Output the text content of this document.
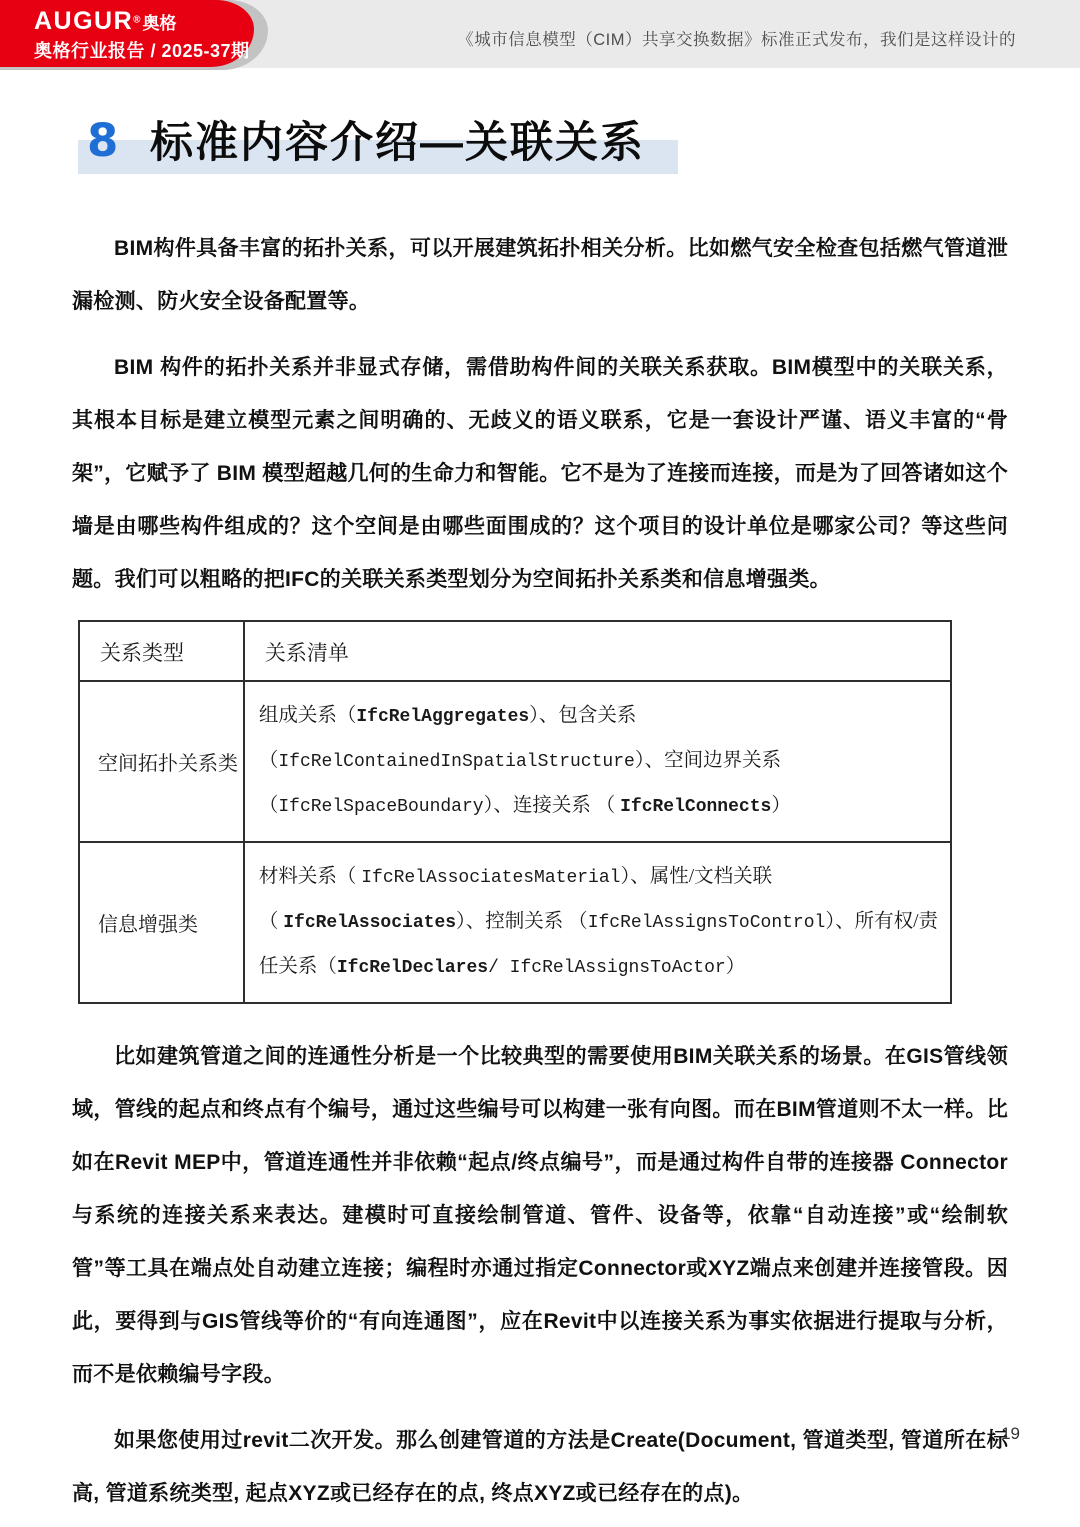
《城市信息模型（CIM）共享交换数据》标准正式发布，我们是这样设计的
AUGUR® 奥格
奥格行业报告 / 2025-37期
8 标准内容介绍—关联关系

BIM构件具备丰富的拓扑关系，可以开展建筑拓扑相关分析。比如燃气安全检查包括燃气管道泄漏检测、防火安全设备配置等。

BIM 构件的拓扑关系并非显式存储，需借助构件间的关联关系获取。BIM模型中的关联关系，其根本目标是建立模型元素之间明确的、无歧义的语义联系，它是一套设计严谨、语义丰富的“骨架”，它赋予了 BIM 模型超越几何的生命力和智能。它不是为了连接而连接，而是为了回答诸如这个墙是由哪些构件组成的？这个空间是由哪些面围成的？这个项目的设计单位是哪家公司？等这些问题。我们可以粗略的把IFC的关联关系类型划分为空间拓扑关系类和信息增强类。

关系类型	关系清单
空间拓扑关系类	组成关系（IfcRelAggregates）、包含关系
（IfcRelContainedInSpatialStructure）、空间边界关系
（IfcRelSpaceBoundary）、连接关系 （ IfcRelConnects）

信息增强类	材料关系（ IfcRelAssociatesMaterial）、属性/文档关联
（ IfcRelAssociates）、控制关系 （IfcRelAssignsToControl）、所有权/责
任关系（IfcRelDeclares/ IfcRelAssignsToActor）

比如建筑管道之间的连通性分析是一个比较典型的需要使用BIM关联关系的场景。在GIS管线领域，管线的起点和终点有个编号，通过这些编号可以构建一张有向图。而在BIM管道则不太一样。比如在Revit MEP中，管道连通性并非依赖“起点/终点编号”，而是通过构件自带的连接器 Connector与系统的连接关系来表达。建模时可直接绘制管道、管件、设备等，依靠“自动连接”或“绘制软管”等工具在端点处自动建立连接；编程时亦通过指定Connector或XYZ端点来创建并连接管段。因此，要得到与GIS管线等价的“有向连通图”，应在Revit中以连接关系为事实依据进行提取与分析，而不是依赖编号字段。

如果您使用过revit二次开发。那么创建管道的方法是Create(Document, 管道类型, 管道所在标高, 管道系统类型, 起点XYZ或已经存在的点, 终点XYZ或已经存在的点)。

19
